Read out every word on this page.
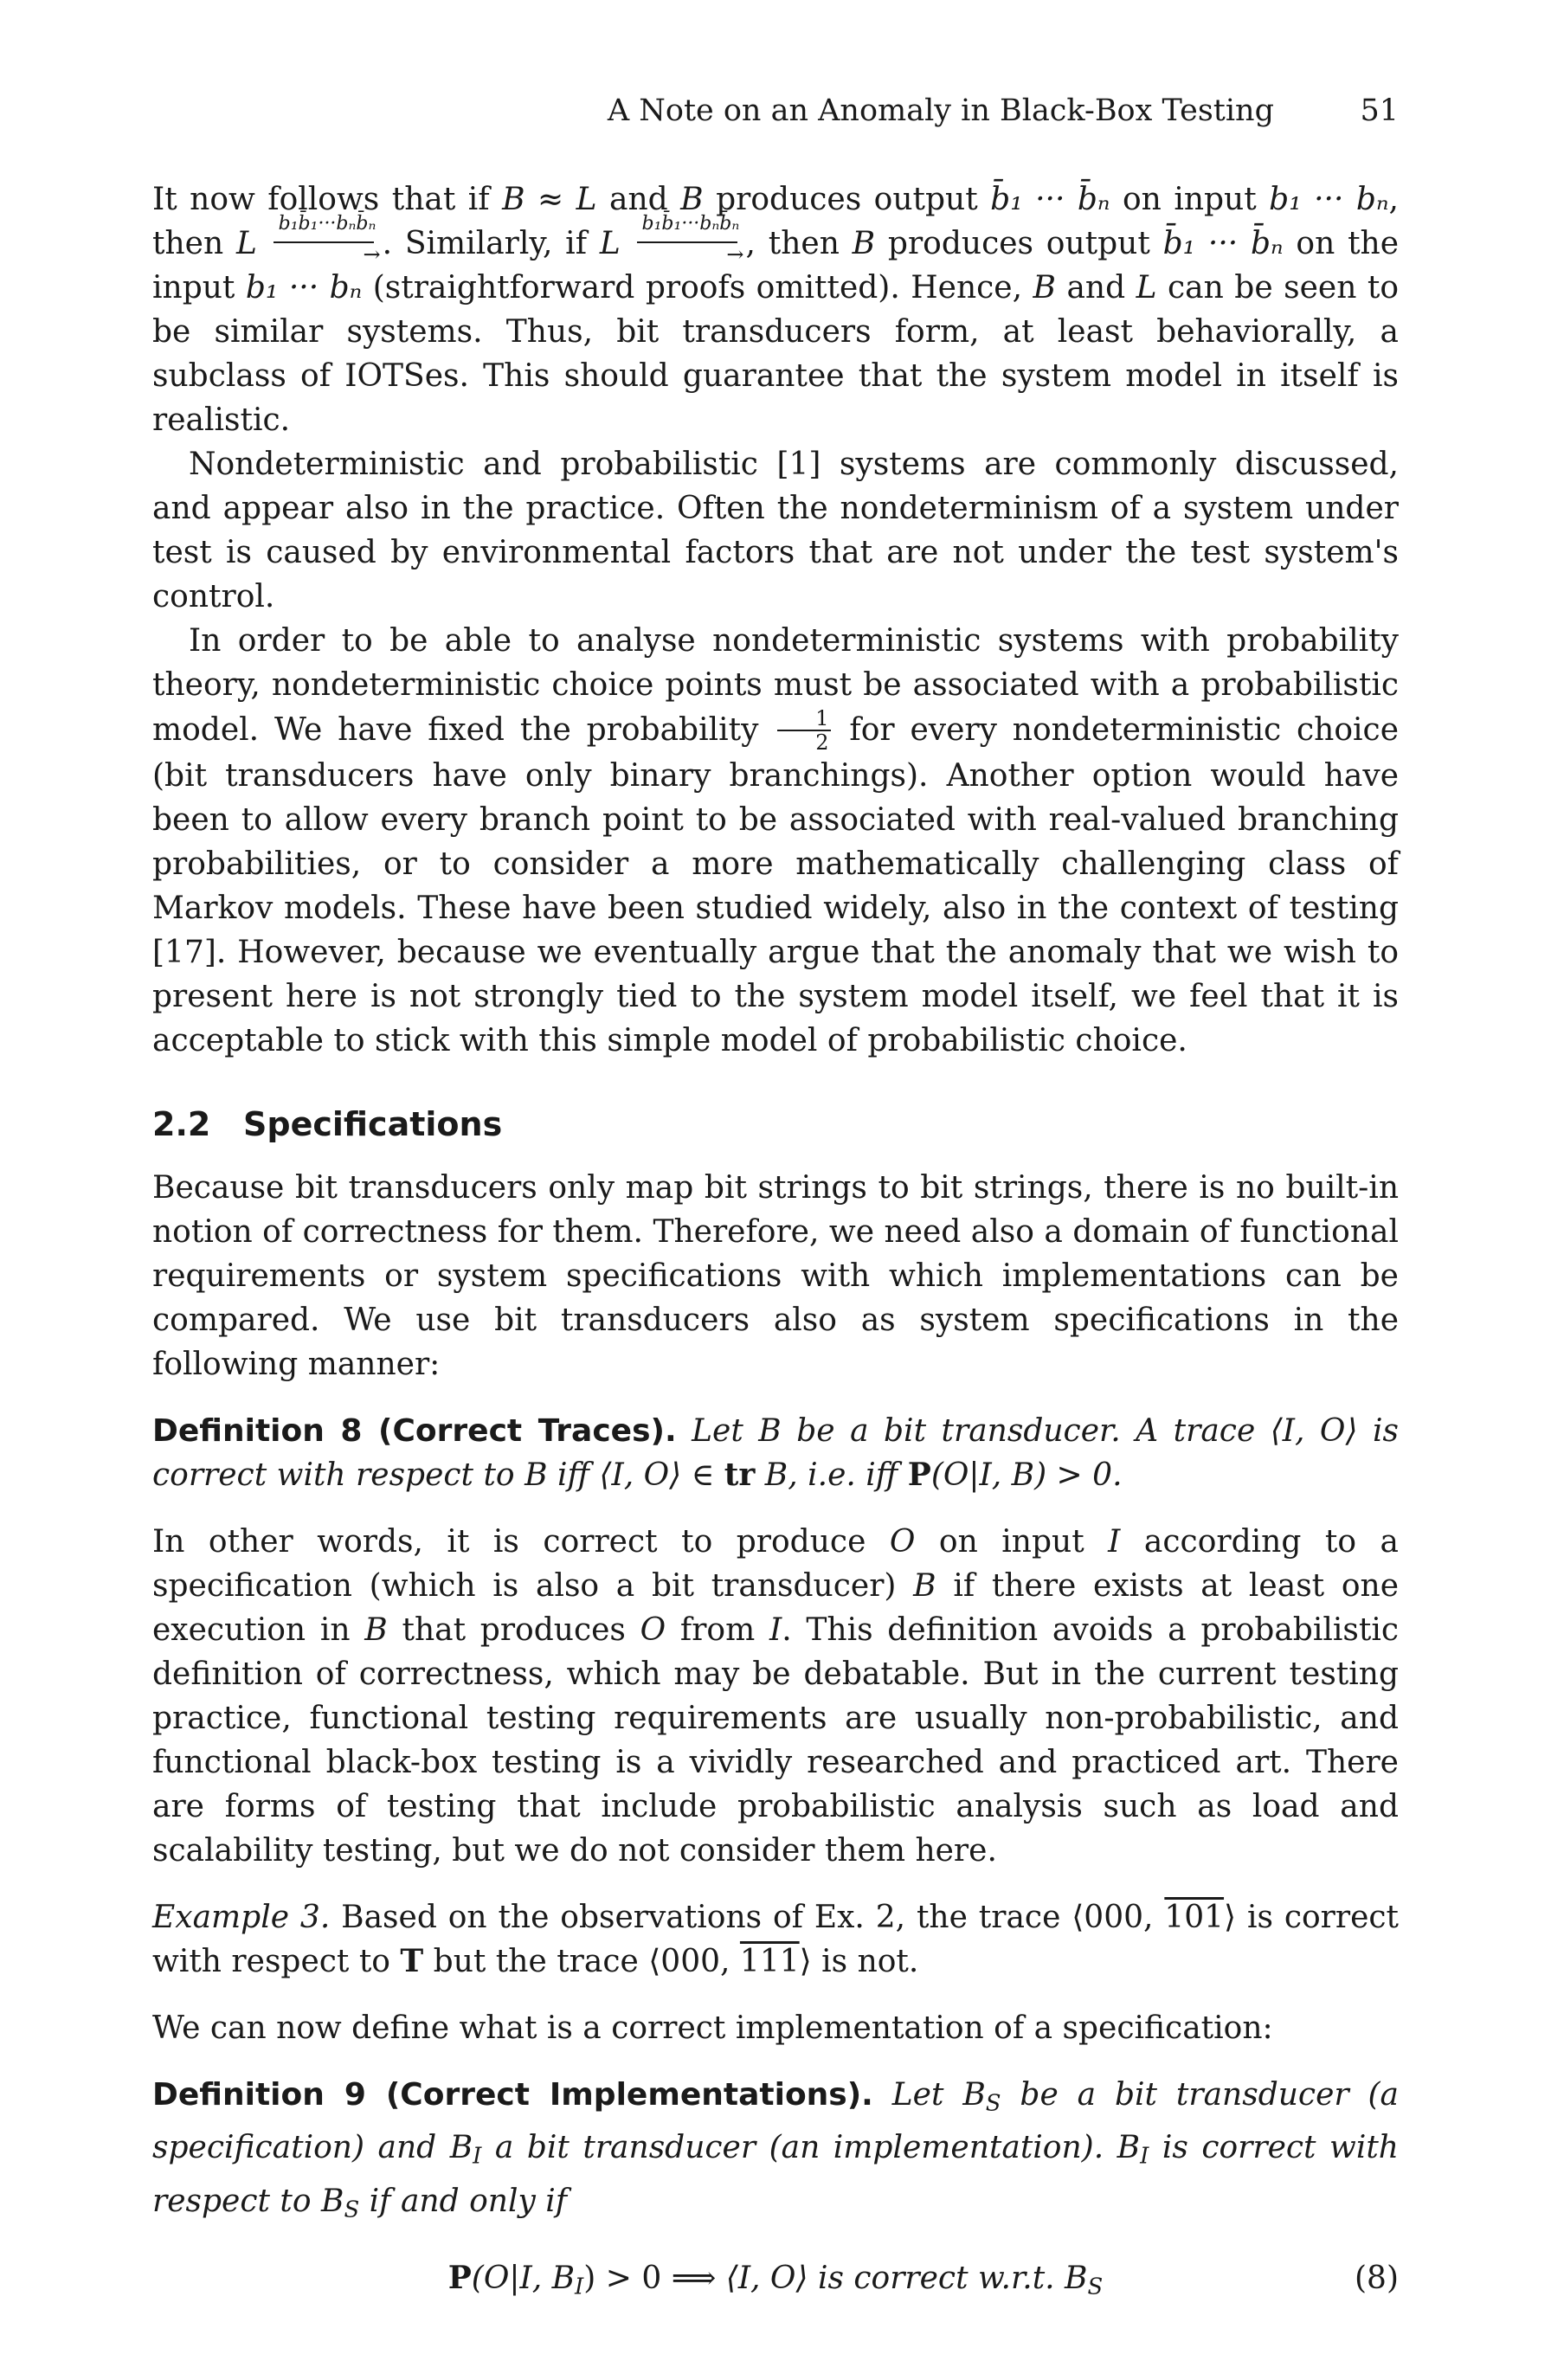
A Note on an Anomaly in Black-Box Testing	51

It now follows that if B ≈ L and B produces output b̄₁ ··· b̄ₙ on input b₁ ··· bₙ, then L
b₁b̄₁···bₙb̄ₙ
→ . Similarly, if L
b₁b̄₁···bₙb̄ₙ
→ , then B produces output b̄₁ ··· b̄ₙ on the input b₁ ··· bₙ (straightforward proofs omitted). Hence, B and L can be seen to be similar systems. Thus, bit transducers form, at least behaviorally, a subclass of IOTSes. This should guarantee that the system model in itself is realistic.

Nondeterministic and probabilistic [1] systems are commonly discussed, and appear also in the practice. Often the nondeterminism of a system under test is caused by environmental factors that are not under the test system's control.

In order to be able to analyse nondeterministic systems with probability theory, nondeterministic choice points must be associated with a probabilistic model. We have fixed the probability $\frac{1}{2}$ for every nondeterministic choice (bit transducers have only binary branchings). Another option would have been to allow every branch point to be associated with real-valued branching probabilities, or to consider a more mathematically challenging class of Markov models. These have been studied widely, also in the context of testing [17]. However, because we eventually argue that the anomaly that we wish to present here is not strongly tied to the system model itself, we feel that it is acceptable to stick with this simple model of probabilistic choice.

2.2 Specifications

Because bit transducers only map bit strings to bit strings, there is no built-in notion of correctness for them. Therefore, we need also a domain of functional requirements or system specifications with which implementations can be compared. We use bit transducers also as system specifications in the following manner:

Definition 8 (Correct Traces). Let B be a bit transducer. A trace ⟨I, O⟩ is correct with respect to B iff ⟨I, O⟩ ∈ tr B, i.e. iff P(O|I, B) > 0.

In other words, it is correct to produce O on input I according to a specification (which is also a bit transducer) B if there exists at least one execution in B that produces O from I. This definition avoids a probabilistic definition of correctness, which may be debatable. But in the current testing practice, functional testing requirements are usually non-probabilistic, and functional black-box testing is a vividly researched and practiced art. There are forms of testing that include probabilistic analysis such as load and scalability testing, but we do not consider them here.

Example 3. Based on the observations of Ex. 2, the trace ⟨000, 101⟩ is correct with respect to T but the trace ⟨000, 111⟩ is not.

We can now define what is a correct implementation of a specification:

Definition 9 (Correct Implementations). Let $B_S$ be a bit transducer (a specification) and $B_I$ a bit transducer (an implementation). $B_I$ is correct with respect to $B_S$ if and only if

P(O|I, $B_I) > 0$ ⟹ ⟨I, O⟩ is correct w.r.t. $B_S$	(8)
